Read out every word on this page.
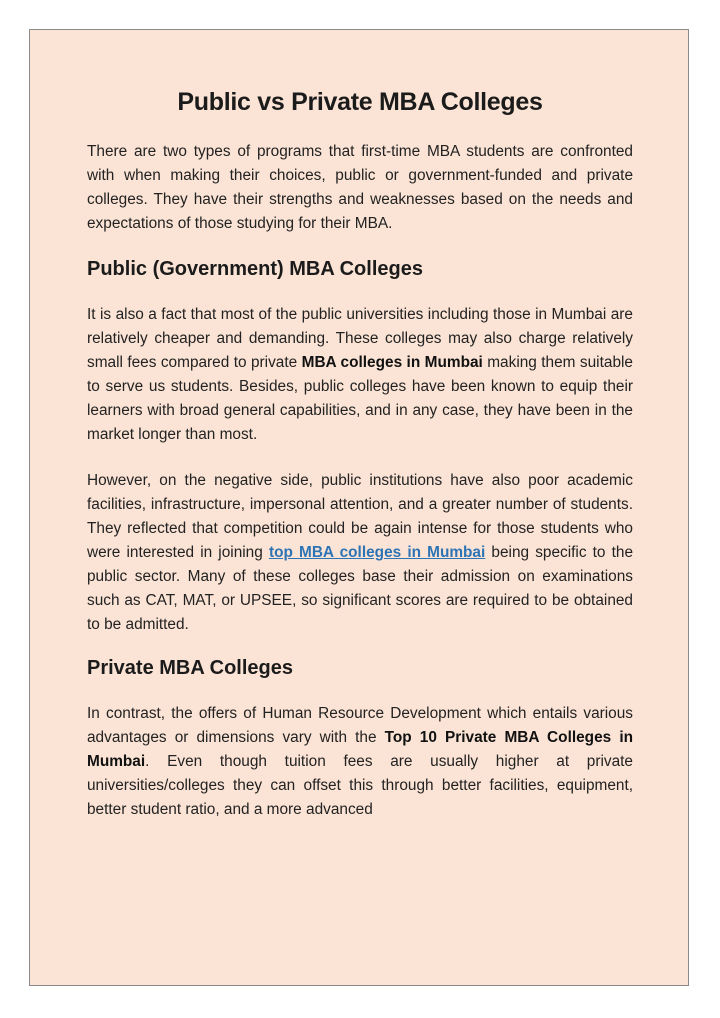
Public vs Private MBA Colleges

There are two types of programs that first-time MBA students are confronted with when making their choices, public or government-funded and private colleges. They have their strengths and weaknesses based on the needs and expectations of those studying for their MBA.

Public (Government) MBA Colleges

It is also a fact that most of the public universities including those in Mumbai are relatively cheaper and demanding. These colleges may also charge relatively small fees compared to private MBA colleges in Mumbai making them suitable to serve us students. Besides, public colleges have been known to equip their learners with broad general capabilities, and in any case, they have been in the market longer than most.

However, on the negative side, public institutions have also poor academic facilities, infrastructure, impersonal attention, and a greater number of students. They reflected that competition could be again intense for those students who were interested in joining top MBA colleges in Mumbai being specific to the public sector. Many of these colleges base their admission on examinations such as CAT, MAT, or UPSEE, so significant scores are required to be obtained to be admitted.

Private MBA Colleges

In contrast, the offers of Human Resource Development which entails various advantages or dimensions vary with the Top 10 Private MBA Colleges in Mumbai. Even though tuition fees are usually higher at private universities/colleges they can offset this through better facilities, equipment, better student ratio, and a more advanced
